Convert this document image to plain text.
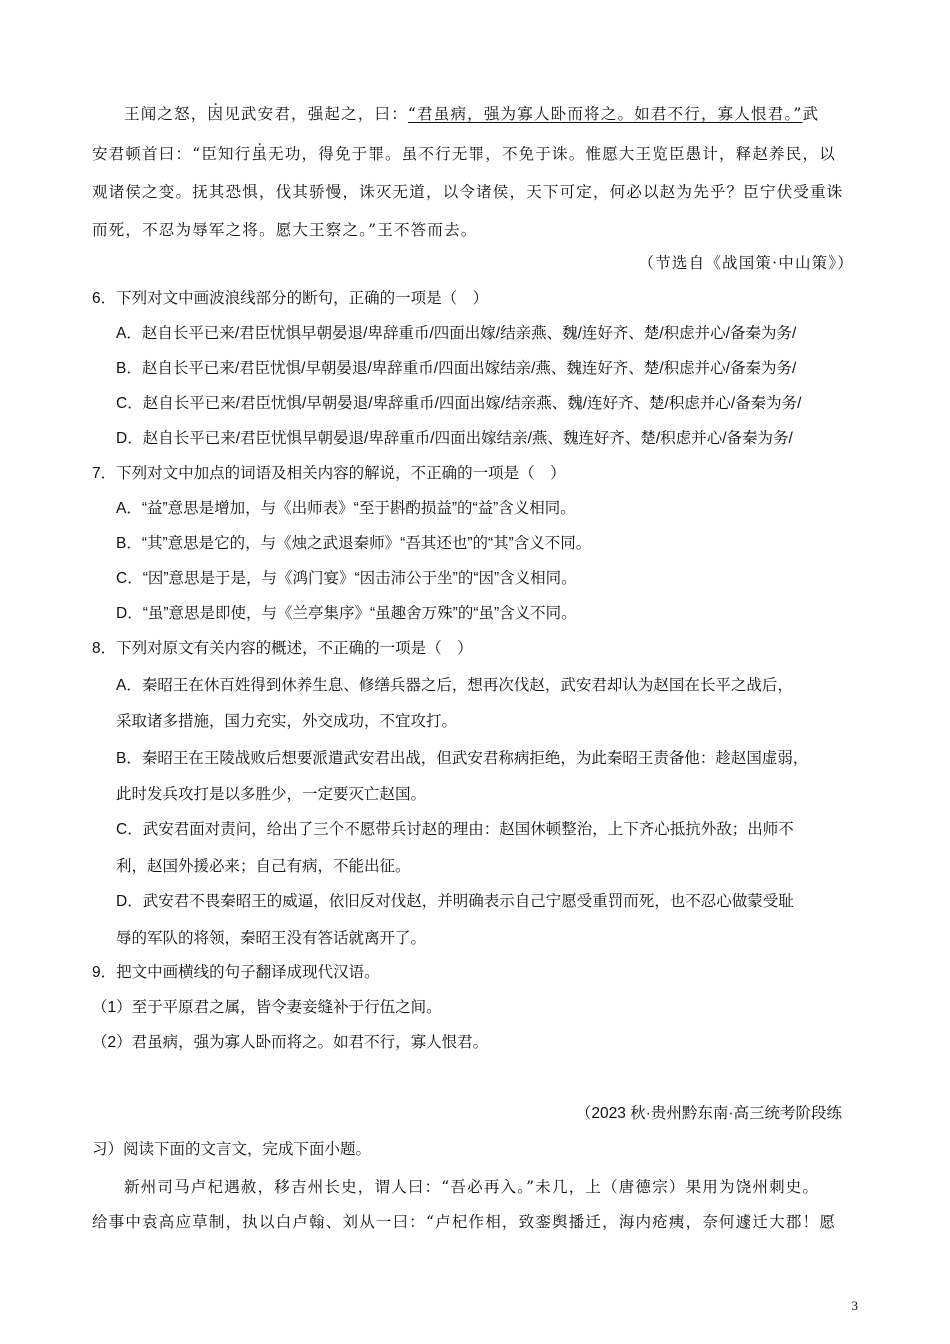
王闻之怒，因见武安君，强起之，曰：“君虽病，强为寡人卧而将之。如君不行，寡人恨君。”武
安君顿首曰：“臣知行虽无功，得免于罪。虽不行无罪，不免于诛。惟愿大王览臣愚计，释赵养民，以
观诸侯之变。抚其恐惧，伐其骄慢，诛灭无道，以令诸侯，天下可定，何必以赵为先乎？臣宁伏受重诛
而死，不忍为辱军之将。愿大王察之。”王不答而去。
（节选自《战国策·中山策》）
6．下列对文中画波浪线部分的断句，正确的一项是（　）
A．赵自长平已来/君臣忧惧早朝晏退/卑辞重币/四面出嫁/结亲燕、魏/连好齐、楚/积虑并心/备秦为务/
B．赵自长平已来/君臣忧惧/早朝晏退/卑辞重币/四面出嫁结亲/燕、魏连好齐、楚/积虑并心/备秦为务/
C．赵自长平已来/君臣忧惧/早朝晏退/卑辞重币/四面出嫁/结亲燕、魏/连好齐、楚/积虑并心/备秦为务/
D．赵自长平已来/君臣忧惧早朝晏退/卑辞重币/四面出嫁结亲/燕、魏连好齐、楚/积虑并心/备秦为务/
7．下列对文中加点的词语及相关内容的解说，不正确的一项是（　）
A．“益”意思是增加，与《出师表》“至于斟酌损益”的“益”含义相同。
B．“其”意思是它的，与《烛之武退秦师》“吾其还也”的“其”含义不同。
C．“因”意思是于是，与《鸿门宴》“因击沛公于坐”的“因”含义相同。
D．“虽”意思是即使，与《兰亭集序》“虽趣舍万殊”的“虽”含义不同。
8．下列对原文有关内容的概述，不正确的一项是（　）
A．秦昭王在休百姓得到休养生息、修缮兵器之后，想再次伐赵，武安君却认为赵国在长平之战后，
采取诸多措施，国力充实，外交成功，不宜攻打。
B．秦昭王在王陵战败后想要派遣武安君出战，但武安君称病拒绝，为此秦昭王责备他：趁赵国虚弱，
此时发兵攻打是以多胜少，一定要灭亡赵国。
C．武安君面对责问，给出了三个不愿带兵讨赵的理由：赵国休顿整治，上下齐心抵抗外敌；出师不
利，赵国外援必来；自己有病，不能出征。
D．武安君不畏秦昭王的威逼，依旧反对伐赵，并明确表示自己宁愿受重罚而死，也不忍心做蒙受耻
辱的军队的将领，秦昭王没有答话就离开了。
9．把文中画横线的句子翻译成现代汉语。
（1）至于平原君之属，皆令妻妾缝补于行伍之间。
（2）君虽病，强为寡人卧而将之。如君不行，寡人恨君。
（2023 秋·贵州黔东南·高三统考阶段练
习）阅读下面的文言文，完成下面小题。
新州司马卢杞遇赦，移吉州长史，谓人曰：“吾必再入。”未几，上（唐德宗）果用为饶州刺史。
给事中袁高应草制，执以白卢翰、刘从一曰：“卢杞作相，致銮舆播迁，海内疮痍，奈何遽迁大郡！愿
3
